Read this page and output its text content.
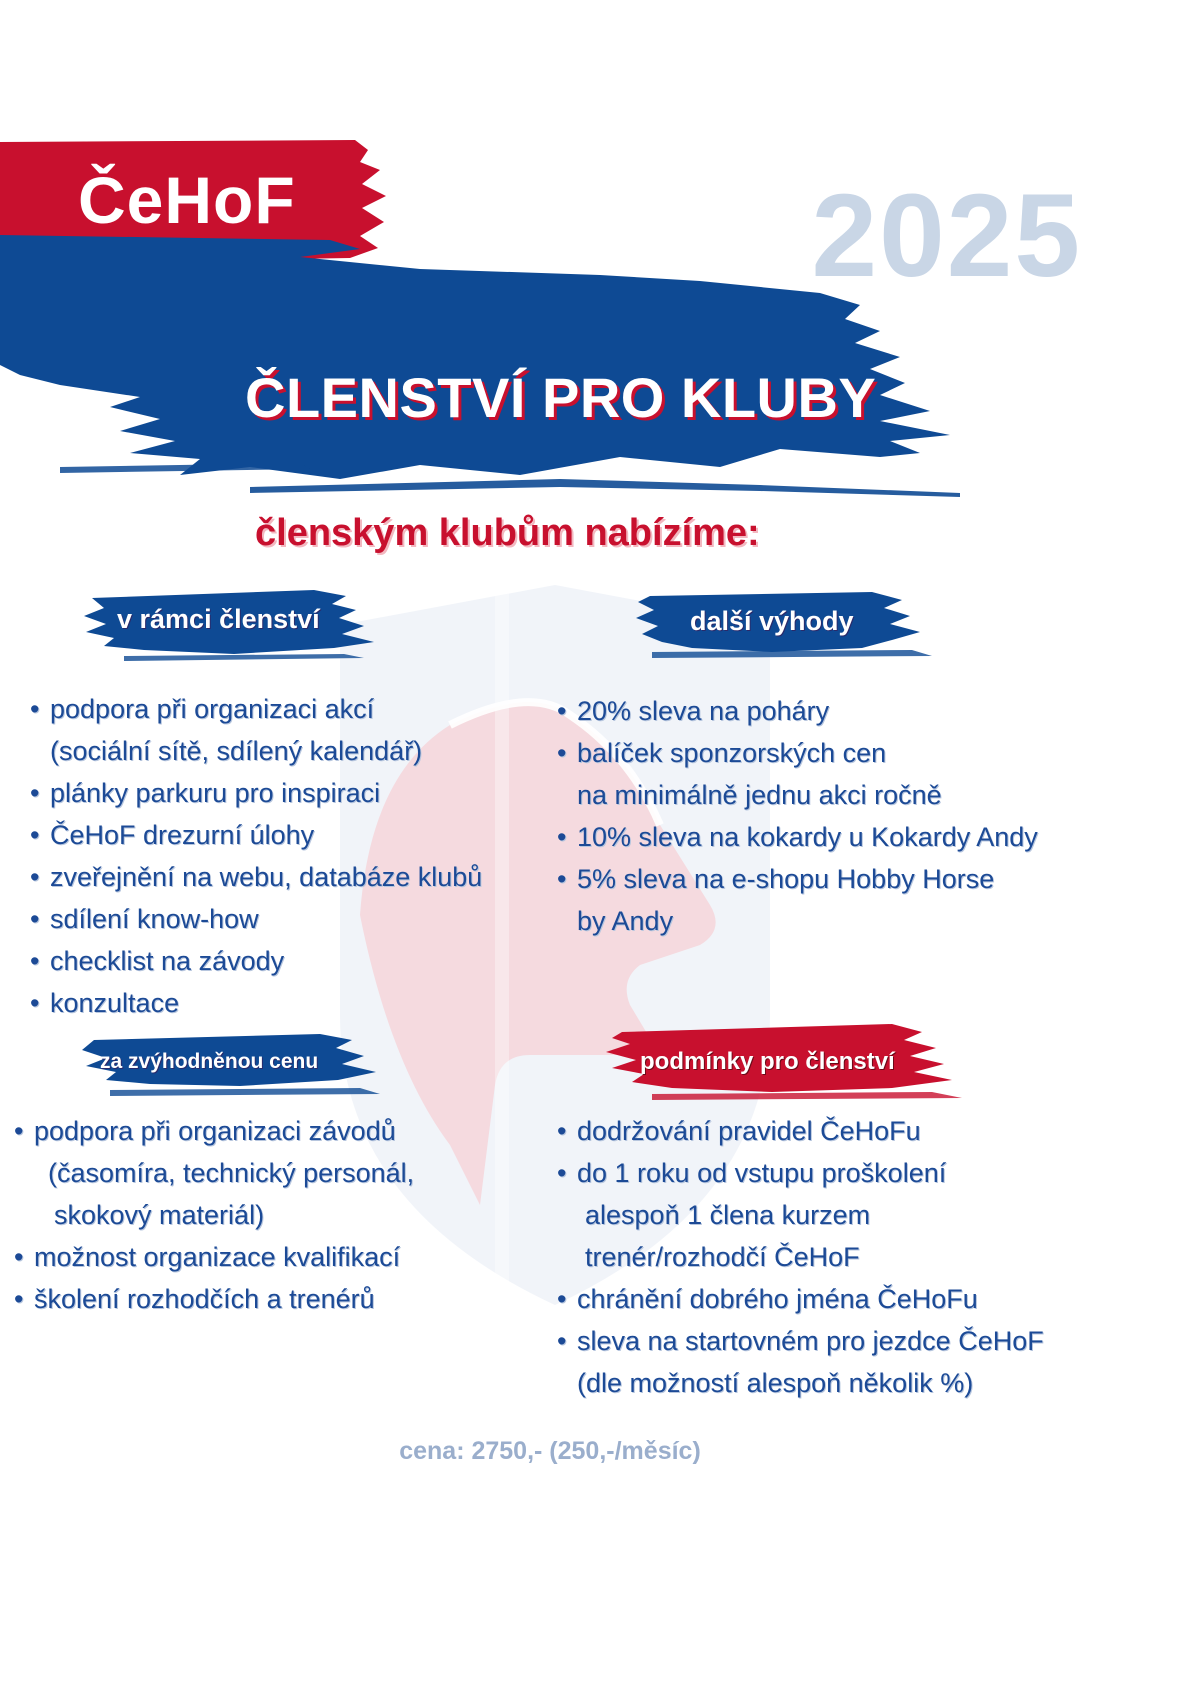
ČeHoF	2025
ČLENSTVÍ PRO KLUBY
členským klubům nabízíme:
v rámci členství
• podpora při organizaci akcí
(sociální sítě, sdílený kalendář)
• plánky parkuru pro inspiraci
• ČeHoF drezurní úlohy
• zveřejnění na webu, databáze klubů
• sdílení know-how
• checklist na závody
• konzultace
další výhody
• 20% sleva na poháry
• balíček sponzorských cen
na minimálně jednu akci ročně
• 10% sleva na kokardy u Kokardy Andy
• 5% sleva na e-shopu Hobby Horse
by Andy
za zvýhodněnou cenu
• podpora při organizaci závodů
(časomíra, technický personál,
skokový materiál)
• možnost organizace kvalifikací
• školení rozhodčích a trenérů
podmínky pro členství
• dodržování pravidel ČeHoFu
• do 1 roku od vstupu proškolení
alespoň 1 člena kurzem
trenér/rozhodčí ČeHoF
• chránění dobrého jména ČeHoFu
• sleva na startovném pro jezdce ČeHoF
(dle možností alespoň několik %)
cena: 2750,- (250,-/měsíc)
